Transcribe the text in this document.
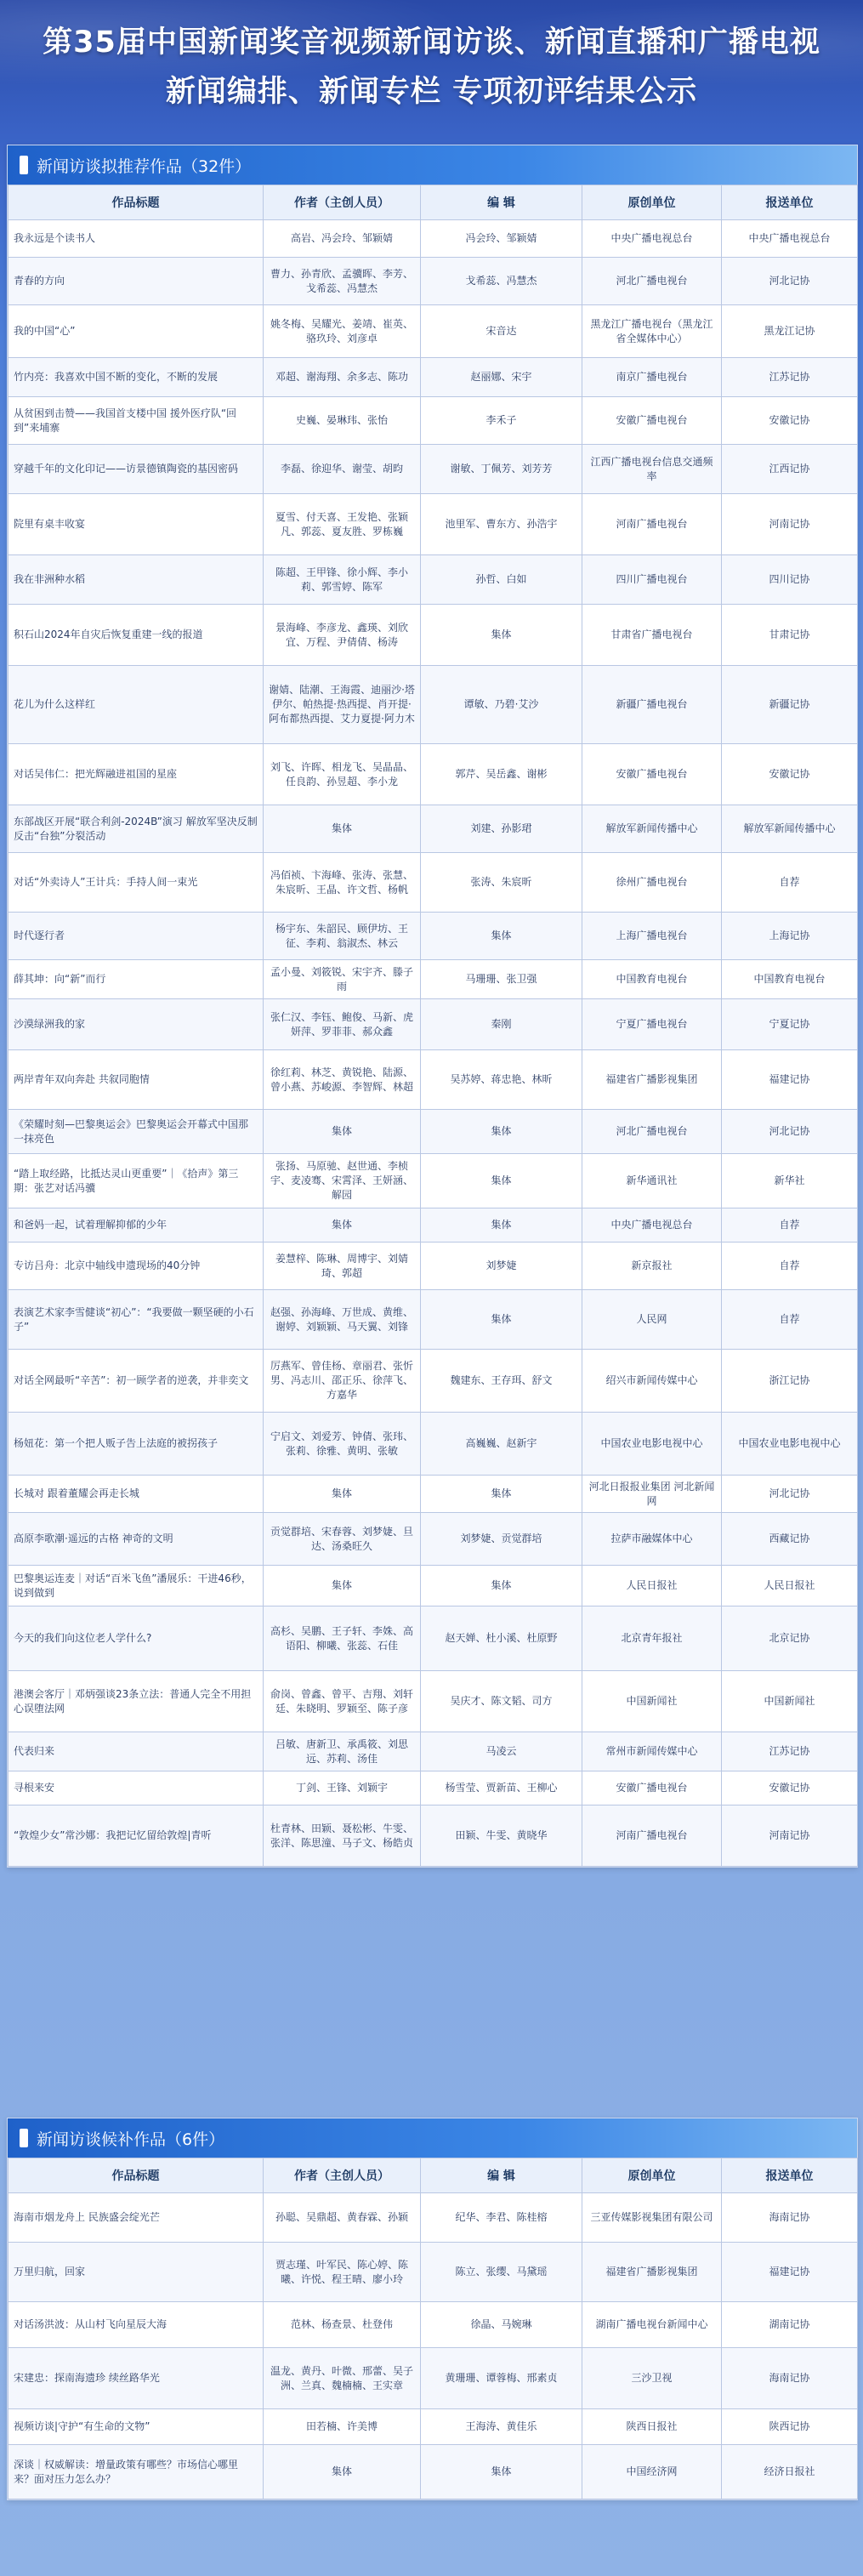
第35届中国新闻奖音视频新闻访谈、新闻直播和广播电视
新闻编排、新闻专栏 专项初评结果公示
新闻访谈拟推荐作品（32件）
作品标题	作者（主创人员）	编 辑	原创单位	报送单位
我永远是个读书人	高岩、冯会玲、邹颖婧	冯会玲、邹颖婧	中央广播电视总台	中央广播电视总台
青春的方向	曹力、孙青欣、孟骥晖、李芳、戈希蕊、冯慧杰	戈希蕊、冯慧杰	河北广播电视台	河北记协
我的中国“心”	姚冬梅、吴耀光、姜靖、崔英、骆玖玲、刘彦卓	宋音达	黑龙江广播电视台（黑龙江省全媒体中心）	黑龙江记协
竹内亮：我喜欢中国不断的变化，不断的发展	邓超、谢海翔、余多志、陈功	赵丽娜、宋宇	南京广播电视台	江苏记协
从贫困到击赞——我国首支楼中国 援外医疗队“回到”来埔寨	史巍、晏琳玮、张怡	李禾子	安徽广播电视台	安徽记协
穿越千年的文化印记——访景德镇陶瓷的基因密码	李磊、徐迎华、谢莹、胡昀	谢敏、丁佩芳、刘芳芳	江西广播电视台信息交通频率	江西记协
院里有桌丰收宴	夏雪、付天喜、王发艳、张颖凡、郭蕊、夏友胜、罗栋巍	池里军、曹东方、孙浩宇	河南广播电视台	河南记协
我在非洲种水稻	陈超、王甲锋、徐小辉、李小莉、郭雪婷、陈军	孙哲、白如	四川广播电视台	四川记协
积石山2024年自灾后恢复重建一线的报道	景海峰、李彦龙、鑫瑛、刘欣宜、万程、尹倩倩、杨涛	集体	甘肃省广播电视台	甘肃记协
花儿为什么这样红	谢婧、陆潮、王海霞、迪丽沙·塔伊尔、帕热提·热西提、肖开提·阿布都热西提、艾力夏提·阿力木	谭敏、乃碧·艾沙	新疆广播电视台	新疆记协
对话吴伟仁：把光辉融进祖国的星座	刘飞、许晖、相龙飞、吴晶晶、任良韵、孙昱超、李小龙	郭芹、吴岳鑫、谢彬	安徽广播电视台	安徽记协
东部战区开展“联合利剑-2024B”演习 解放军坚决反制反击“台独”分裂活动	集体	刘建、孙影珺	解放军新闻传播中心	解放军新闻传播中心
对话“外卖诗人”王计兵：手持人间一束光	冯佰祯、卞海峰、张涛、张慧、朱宸昕、王晶、许文哲、杨帆	张涛、朱宸昕	徐州广播电视台	自荐
时代逐行者	杨宇东、朱韶民、顾伊坊、王征、李莉、翁淑杰、林云	集体	上海广播电视台	上海记协
薛其坤：向“新”而行	孟小曼、刘筱锐、宋宇齐、滕子雨	马珊珊、张卫强	中国教育电视台	中国教育电视台
沙漠绿洲我的家	张仁汉、李钰、鲍俊、马新、虎妍萍、罗菲菲、郝众鑫	秦刚	宁夏广播电视台	宁夏记协
两岸青年双向奔赴 共叙同胞情	徐红莉、林芝、黄锐艳、陆源、曾小燕、苏峻源、李智辉、林超	吴苏婷、蒋忠艳、林昕	福建省广播影视集团	福建记协
《荣耀时刻—巴黎奥运会》巴黎奥运会开幕式中国那一抹亮色	集体	集体	河北广播电视台	河北记协
“踏上取经路，比抵达灵山更重要”｜《拾声》第三期：张艺对话冯骥	张扬、马原驰、赵世通、李桢宇、麦凌骞、宋霄泽、王妍涵、解园	集体	新华通讯社	新华社
和爸妈一起，试着理解抑郁的少年	集体	集体	中央广播电视总台	自荐
专访吕舟：北京中轴线申遗现场的40分钟	姜慧梓、陈琳、周博宇、刘婧琦、郭超	刘梦婕	新京报社	自荐
表演艺术家李雪健谈“初心”：“我要做一颗坚硬的小石子”	赵强、孙海峰、万世成、黄维、谢婷、刘颖颖、马天翼、刘锋	集体	人民网	自荐
对话全网最听“辛苦”：初一顾学者的逆袭，并非奕文	厉燕军、曾佳杨、章丽君、张忻男、冯志川、邵正乐、徐萍飞、方嘉华	魏建东、王存珥、舒文	绍兴市新闻传媒中心	浙江记协
杨妞花：第一个把人贩子告上法庭的被拐孩子	宁启文、刘爱芳、钟倩、张玮、张莉、徐雅、黄明、张敏	高巍巍、赵新宇	中国农业电影电视中心	中国农业电影电视中心
长城对 跟着董耀会再走长城	集体	集体	河北日报报业集团 河北新闻网	河北记协
高原李歌潮·遥远的古格 神奇的文明	贡觉群培、宋春蓉、刘梦婕、旦达、汤桑旺久	刘梦婕、贡觉群培	拉萨市融媒体中心	西藏记协
巴黎奥运连麦｜对话“百米飞鱼”潘展乐：干进46秒，说到做到	集体	集体	人民日报社	人民日报社
今天的我们向这位老人学什么?	高杉、吴鹏、王子轩、李姝、高语阳、柳曦、张蕊、石佳	赵天婵、杜小溪、杜原野	北京青年报社	北京记协
港澳会客厅｜邓炳强谈23条立法：普通人完全不用担心误堕法网	俞岗、曾鑫、曾平、吉翔、刘轩廷、朱晓明、罗颖至、陈子彦	吴庆才、陈文韬、司方	中国新闻社	中国新闻社
代表归来	吕敏、唐新卫、承禹筱、刘思远、苏莉、汤佳	马凌云	常州市新闻传媒中心	江苏记协
寻根来安	丁剑、王锋、刘颖宇	杨雪莹、贾新苗、王柳心	安徽广播电视台	安徽记协
“敦煌少女”常沙娜：我把记忆留给敦煌|青听	杜青林、田颖、聂松彬、牛雯、张洋、陈思潼、马子文、杨皓贞	田颖、牛雯、黄晓华	河南广播电视台	河南记协
新闻访谈候补作品（6件）
作品标题	作者（主创人员）	编 辑	原创单位	报送单位
海南市烟龙舟上 民族盛会绽光芒	孙聪、吴鼎超、黄春霖、孙颖	纪华、李君、陈桂榕	三亚传媒影视集团有限公司	海南记协
万里归航，回家	贾志瑾、叶军民、陈心婷、陈曦、许悦、程王晴、廖小玲	陈立、张缨、马黛瑶	福建省广播影视集团	福建记协
对话汤洪波：从山村飞向星辰大海	范林、杨查景、杜登伟	徐晶、马婉琳	湖南广播电视台新闻中心	湖南记协
宋建忠：探南海遗珍 续丝路华光	温龙、黄丹、叶微、邢蕾、吴子洲、兰真、魏楠楠、王实章	黄珊珊、谭蓉梅、邢素贞	三沙卫视	海南记协
视频访谈|守护“有生命的文物”	田若楠、许美博	王海涛、黄佳乐	陕西日报社	陕西记协
深谈｜权威解读：增量政策有哪些？市场信心哪里来？面对压力怎么办？	集体	集体	中国经济网	经济日报社
